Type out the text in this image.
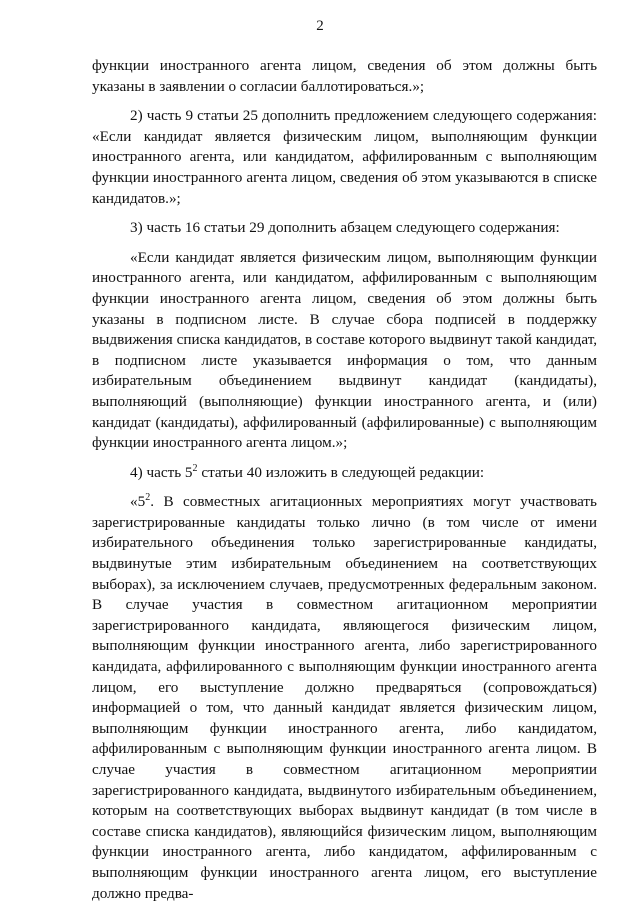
2

функции иностранного агента лицом, сведения об этом должны быть указаны в заявлении о согласии баллотироваться.»;

2) часть 9 статьи 25 дополнить предложением следующего содержания: «Если кандидат является физическим лицом, выполняющим функции иностранного агента, или кандидатом, аффилированным с выполняющим функции иностранного агента лицом, сведения об этом указываются в списке кандидатов.»;

3) часть 16 статьи 29 дополнить абзацем следующего содержания:

«Если кандидат является физическим лицом, выполняющим функции иностранного агента, или кандидатом, аффилированным с выполняющим функции иностранного агента лицом, сведения об этом должны быть указаны в подписном листе. В случае сбора подписей в поддержку выдвижения списка кандидатов, в составе которого выдвинут такой кандидат, в подписном листе указывается информация о том, что данным избирательным объединением выдвинут кандидат (кандидаты), выполняющий (выполняющие) функции иностранного агента, и (или) кандидат (кандидаты), аффилированный (аффилированные) с выполняющим функции иностранного агента лицом.»;

4) часть $5^2$ статьи 40 изложить в следующей редакции:

«$5^2$. В совместных агитационных мероприятиях могут участвовать зарегистрированные кандидаты только лично (в том числе от имени избирательного объединения только зарегистрированные кандидаты, выдвинутые этим избирательным объединением на соответствующих выборах), за исключением случаев, предусмотренных федеральным законом. В случае участия в совместном агитационном мероприятии зарегистрированного кандидата, являющегося физическим лицом, выполняющим функции иностранного агента, либо зарегистрированного кандидата, аффилированного с выполняющим функции иностранного агента лицом, его выступление должно предваряться (сопровождаться) информацией о том, что данный кандидат является физическим лицом, выполняющим функции иностранного агента, либо кандидатом, аффилированным с выполняющим функции иностранного агента лицом. В случае участия в совместном агитационном мероприятии зарегистрированного кандидата, выдвинутого избирательным объединением, которым на соответствующих выборах выдвинут кандидат (в том числе в составе списка кандидатов), являющийся физическим лицом, выполняющим функции иностранного агента, либо кандидатом, аффилированным с выполняющим функции иностранного агента лицом, его выступление должно предва-
